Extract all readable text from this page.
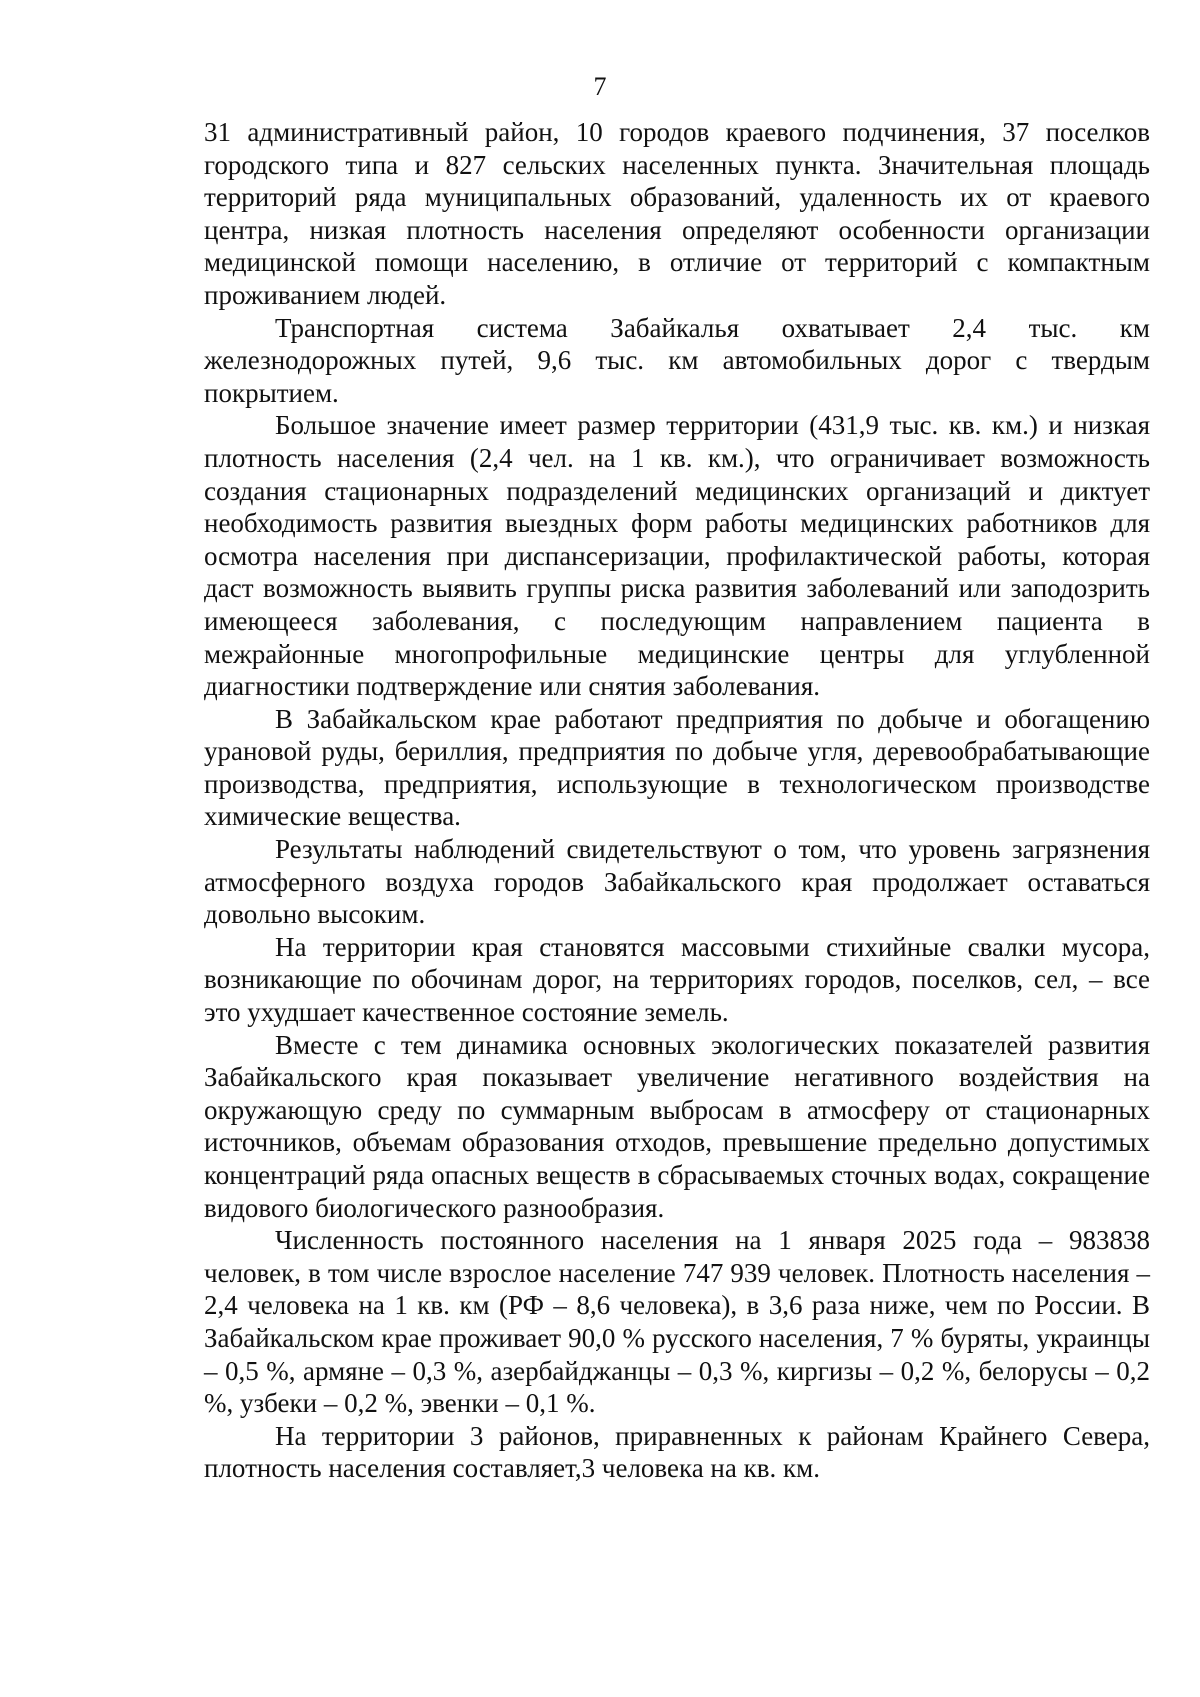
7

31 административный район, 10 городов краевого подчинения, 37 поселков городского типа и 827 сельских населенных пункта. Значительная площадь территорий ряда муниципальных образований, удаленность их от краевого центра, низкая плотность населения определяют особенности организации медицинской помощи населению, в отличие от территорий с компактным проживанием людей.

Транспортная система Забайкалья охватывает 2,4 тыс. км железнодорожных путей, 9,6 тыс. км автомобильных дорог с твердым покрытием.

Большое значение имеет размер территории (431,9 тыс. кв. км.) и низкая плотность населения (2,4 чел. на 1 кв. км.), что ограничивает возможность создания стационарных подразделений медицинских организаций и диктует необходимость развития выездных форм работы медицинских работников для осмотра населения при диспансеризации, профилактической работы, которая даст возможность выявить группы риска развития заболеваний или заподозрить имеющееся заболевания, с последующим направлением пациента в межрайонные многопрофильные медицинские центры для углубленной диагностики подтверждение или снятия заболевания.

В Забайкальском крае работают предприятия по добыче и обогащению урановой руды, бериллия, предприятия по добыче угля, деревообрабатывающие производства, предприятия, использующие в технологическом производстве химические вещества.

Результаты наблюдений свидетельствуют о том, что уровень загрязнения атмосферного воздуха городов Забайкальского края продолжает оставаться довольно высоким.

На территории края становятся массовыми стихийные свалки мусора, возникающие по обочинам дорог, на территориях городов, поселков, сел, – все это ухудшает качественное состояние земель.

Вместе с тем динамика основных экологических показателей развития Забайкальского края показывает увеличение негативного воздействия на окружающую среду по суммарным выбросам в атмосферу от стационарных источников, объемам образования отходов, превышение предельно допустимых концентраций ряда опасных веществ в сбрасываемых сточных водах, сокращение видового биологического разнообразия.

Численность постоянного населения на 1 января 2025 года – 983838 человек, в том числе взрослое население 747 939 человек. Плотность населения – 2,4 человека на 1 кв. км (РФ – 8,6 человека), в 3,6 раза ниже, чем по России. В Забайкальском крае проживает 90,0 % русского населения, 7 % буряты, украинцы – 0,5 %, армяне – 0,3 %, азербайджанцы – 0,3 %, киргизы – 0,2 %, белорусы – 0,2 %, узбеки – 0,2 %, эвенки – 0,1 %.

На территории 3 районов, приравненных к районам Крайнего Севера, плотность населения составляет,3 человека на кв. км.
